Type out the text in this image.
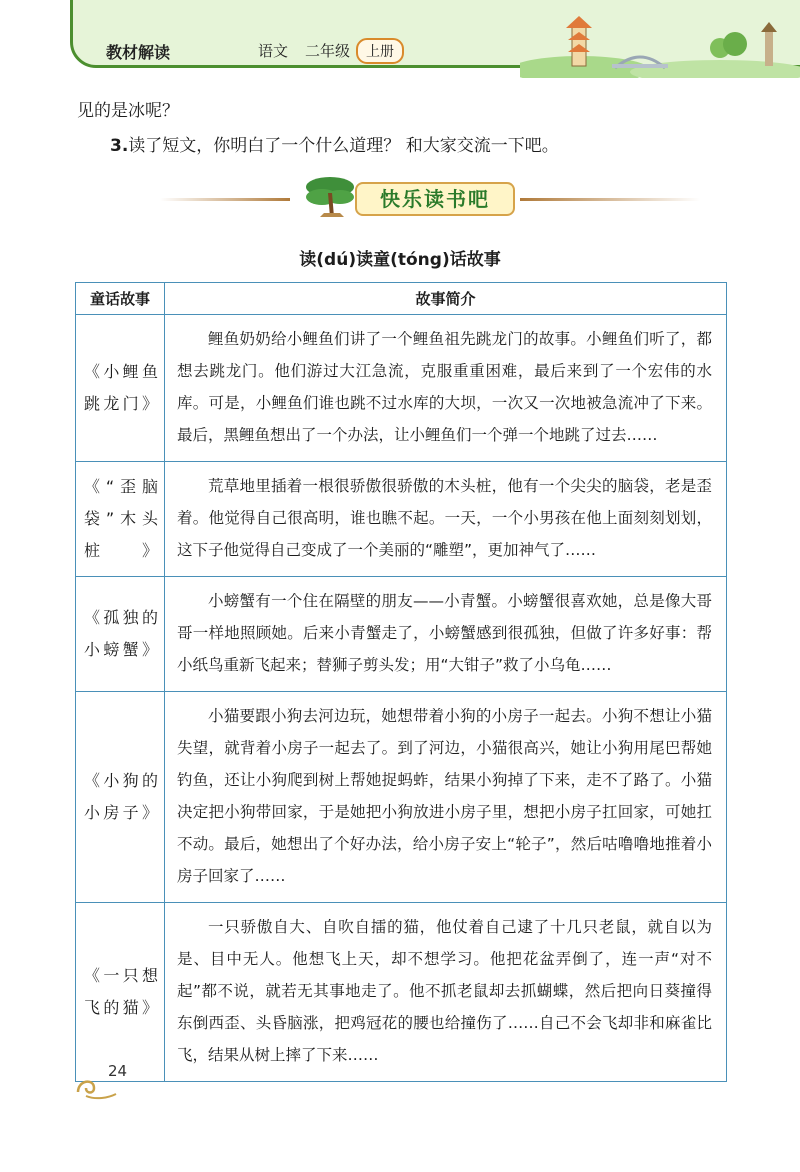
教材解读	语文 二年级	上册

见的是冰呢？

3.读了短文，你明白了一个什么道理？ 和大家交流一下吧。

快乐读书吧
读(dú)读童(tóng)话故事
童话故事	故事简介
《小鲤鱼跳龙门》	鲤鱼奶奶给小鲤鱼们讲了一个鲤鱼祖先跳龙门的故事。小鲤鱼们听了，都想去跳龙门。他们游过大江急流，克服重重困难，最后来到了一个宏伟的水库。可是，小鲤鱼们谁也跳不过水库的大坝，一次又一次地被急流冲了下来。最后，黑鲤鱼想出了一个办法，让小鲤鱼们一个弹一个地跳了过去……
《“歪脑袋”木头桩》	荒草地里插着一根很骄傲很骄傲的木头桩，他有一个尖尖的脑袋，老是歪着。他觉得自己很高明，谁也瞧不起。一天，一个小男孩在他上面刻刻划划，这下子他觉得自己变成了一个美丽的“雕塑”，更加神气了……
《孤独的小螃蟹》	小螃蟹有一个住在隔壁的朋友——小青蟹。小螃蟹很喜欢她，总是像大哥哥一样地照顾她。后来小青蟹走了，小螃蟹感到很孤独，但做了许多好事：帮小纸鸟重新飞起来；替狮子剪头发；用“大钳子”救了小乌龟……
《小狗的小房子》	小猫要跟小狗去河边玩，她想带着小狗的小房子一起去。小狗不想让小猫失望，就背着小房子一起去了。到了河边，小猫很高兴，她让小狗用尾巴帮她钓鱼，还让小狗爬到树上帮她捉蚂蚱，结果小狗掉了下来，走不了路了。小猫决定把小狗带回家，于是她把小狗放进小房子里，想把小房子扛回家，可她扛不动。最后，她想出了个好办法，给小房子安上“轮子”，然后咕噜噜地推着小房子回家了……
《一只想飞的猫》	一只骄傲自大、自吹自擂的猫，他仗着自己逮了十几只老鼠，就自以为是、目中无人。他想飞上天，却不想学习。他把花盆弄倒了，连一声“对不起”都不说，就若无其事地走了。他不抓老鼠却去抓蝴蝶，然后把向日葵撞得东倒西歪、头昏脑涨，把鸡冠花的腰也给撞伤了……自己不会飞却非和麻雀比飞，结果从树上摔了下来……
24
